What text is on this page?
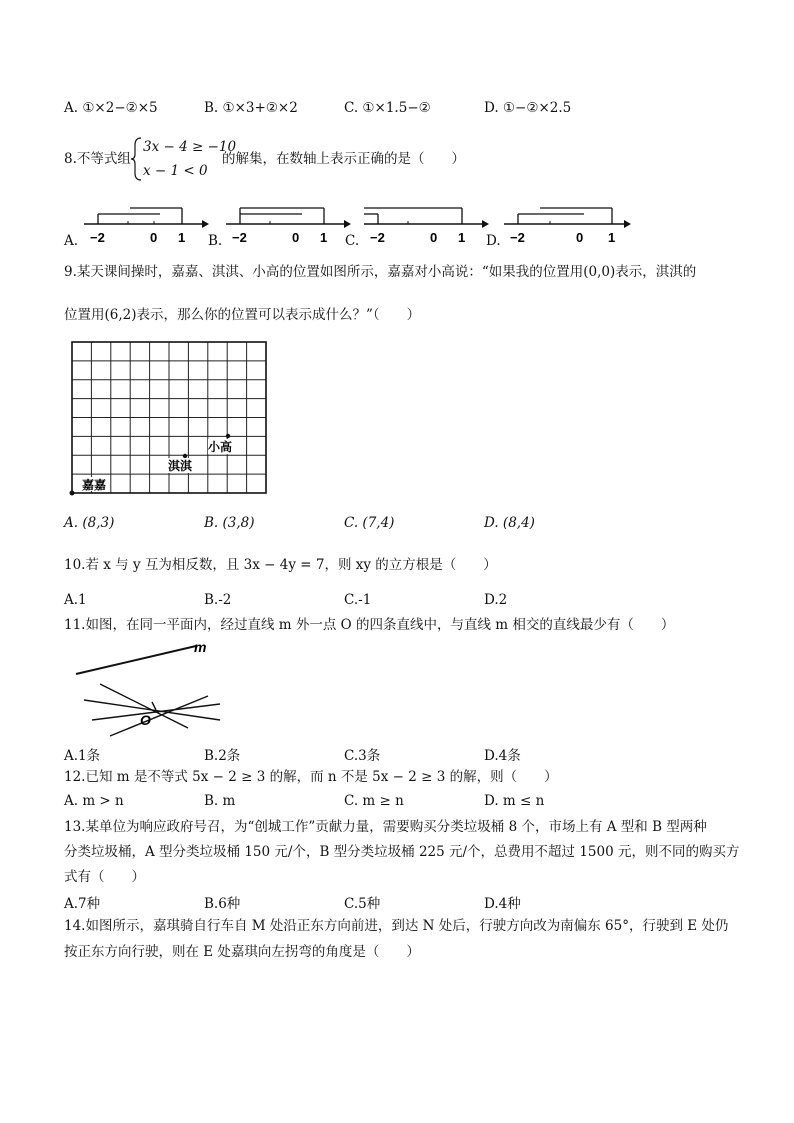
A. ①×2−②×5	B. ①×3+②×2	C. ①×1.5−②	D. ①−②×2.5
8.不等式组
3x − 4 ≥ −10
x − 1 < 0
的解集，在数轴上表示正确的是（　　）
A. −2	0 1 B. −2	0 1 C. −2	0 1 D. −2	0 1
9.某天课间操时，嘉嘉、淇淇、小高的位置如图所示，嘉嘉对小高说：“如果我的位置用(0,0)表示，淇淇的
位置用(6,2)表示，那么你的位置可以表示成什么？”（　　）
嘉嘉
淇淇
小高
A. (8,3)	B. (3,8)	C. (7,4)	D. (8,4)
10.若 x 与 y 互为相反数，且 3x − 4y = 7，则 xy 的立方根是（　　）
A.1	B.-2	C.-1	D.2
11.如图，在同一平面内，经过直线 m 外一点 O 的四条直线中，与直线 m 相交的直线最少有（　　）
m
O
A.1条	B.2条	C.3条	D.4条
12.已知 m 是不等式 5x − 2 ≥ 3 的解，而 n 不是 5x − 2 ≥ 3 的解，则（　　）
A. m > n	B. m	C. m ≥ n	D. m ≤ n
13.某单位为响应政府号召，为“创城工作”贡献力量，需要购买分类垃圾桶 8 个，市场上有 A 型和 B 型两种
分类垃圾桶，A 型分类垃圾桶 150 元/个，B 型分类垃圾桶 225 元/个，总费用不超过 1500 元，则不同的购买方
式有（　　）
A.7种	B.6种	C.5种	D.4种
14.如图所示，嘉琪骑自行车自 M 处沿正东方向前进，到达 N 处后，行驶方向改为南偏东 65°，行驶到 E 处仍
按正东方向行驶，则在 E 处嘉琪向左拐弯的角度是（　　）
